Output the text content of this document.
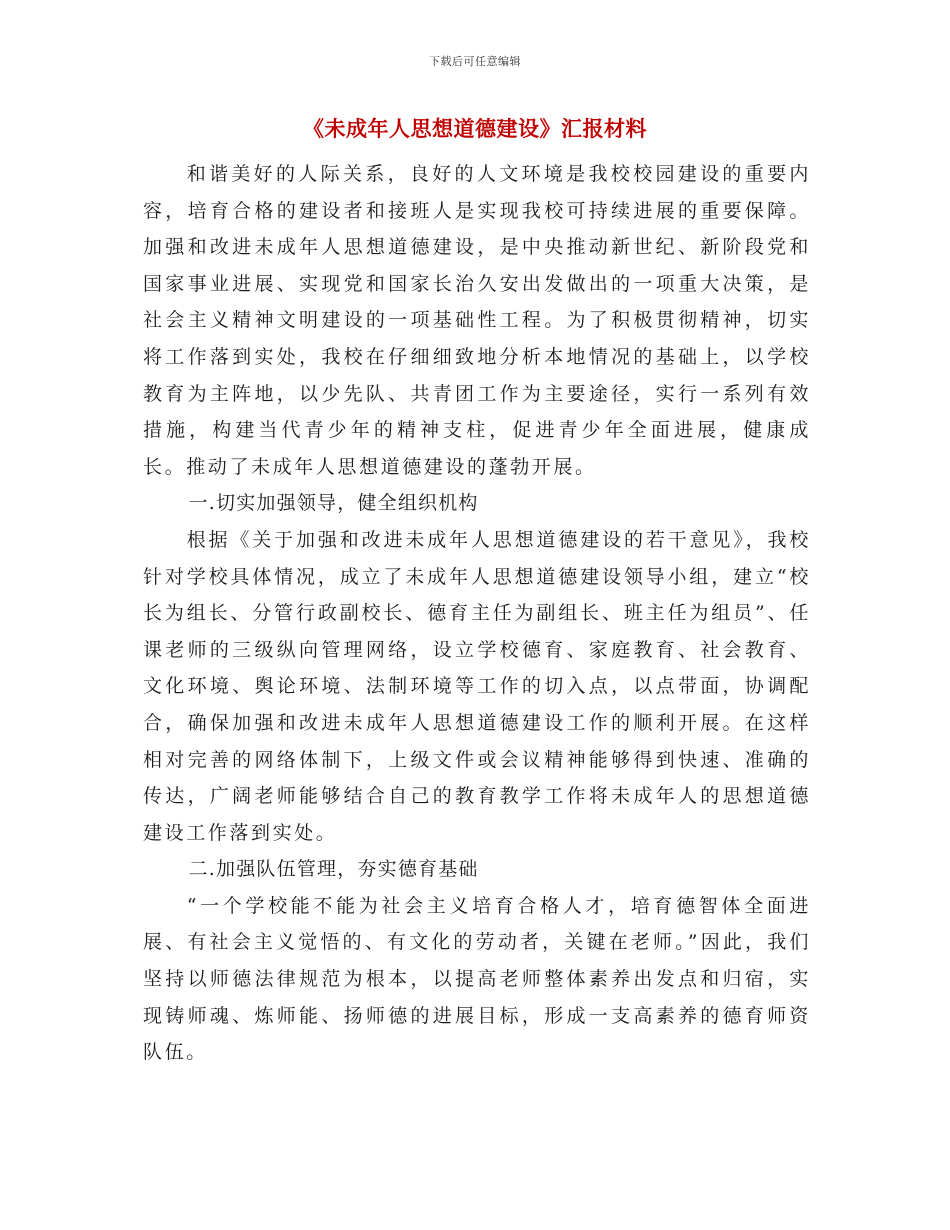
下载后可任意编辑
《未成年人思想道德建设》汇报材料

和谐美好的人际关系，良好的人文环境是我校校园建设的重要内容，培育合格的建设者和接班人是实现我校可持续进展的重要保障。加强和改进未成年人思想道德建设，是中央推动新世纪、新阶段党和国家事业进展、实现党和国家长治久安出发做出的一项重大决策，是社会主义精神文明建设的一项基础性工程。为了积极贯彻精神，切实将工作落到实处，我校在仔细细致地分析本地情况的基础上，以学校教育为主阵地，以少先队、共青团工作为主要途径，实行一系列有效措施，构建当代青少年的精神支柱，促进青少年全面进展，健康成长。推动了未成年人思想道德建设的蓬勃开展。

一.切实加强领导，健全组织机构

根据《关于加强和改进未成年人思想道德建设的若干意见》，我校针对学校具体情况，成立了未成年人思想道德建设领导小组，建立“校长为组长、分管行政副校长、德育主任为副组长、班主任为组员”、任课老师的三级纵向管理网络，设立学校德育、家庭教育、社会教育、文化环境、舆论环境、法制环境等工作的切入点，以点带面，协调配合，确保加强和改进未成年人思想道德建设工作的顺利开展。在这样相对完善的网络体制下，上级文件或会议精神能够得到快速、准确的传达，广阔老师能够结合自己的教育教学工作将未成年人的思想道德建设工作落到实处。

二.加强队伍管理，夯实德育基础

“一个学校能不能为社会主义培育合格人才，培育德智体全面进展、有社会主义觉悟的、有文化的劳动者，关键在老师。”因此，我们坚持以师德法律规范为根本，以提高老师整体素养出发点和归宿，实现铸师魂、炼师能、扬师德的进展目标，形成一支高素养的德育师资队伍。
